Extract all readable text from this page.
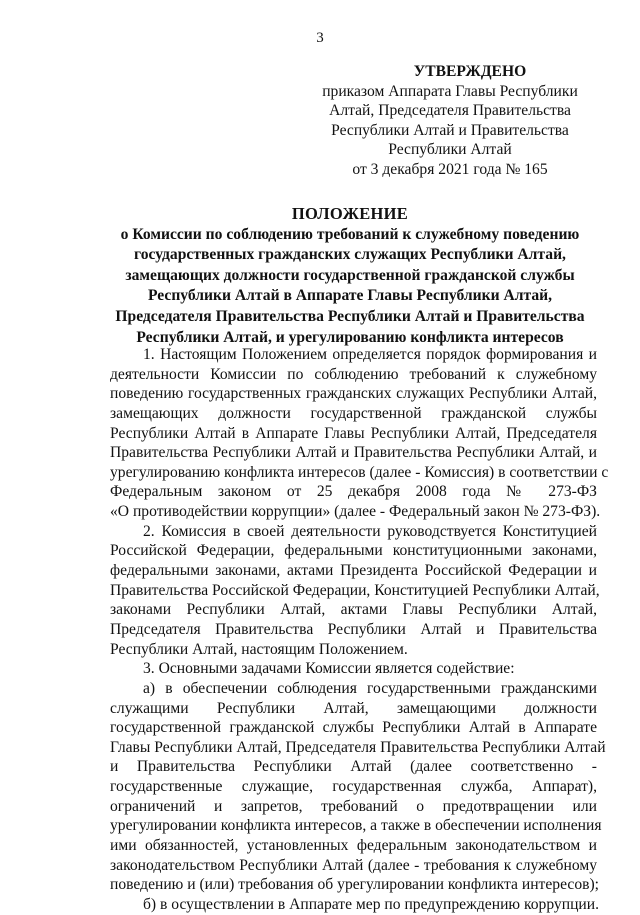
3
УТВЕРЖДЕНО
приказом Аппарата Главы Республики
Алтай, Председателя Правительства
Республики Алтай и Правительства
Республики Алтай
от 3 декабря 2021 года № 165
ПОЛОЖЕНИЕ
о Комиссии по соблюдению требований к служебному поведению
государственных гражданских служащих Республики Алтай,
замещающих должности государственной гражданской службы
Республики Алтай в Аппарате Главы Республики Алтай,
Председателя Правительства Республики Алтай и Правительства
Республики Алтай, и урегулированию конфликта интересов
1. Настоящим Положением определяется порядок формирования и
деятельности Комиссии по соблюдению требований к служебному
поведению государственных гражданских служащих Республики Алтай,
замещающих должности государственной гражданской службы
Республики Алтай в Аппарате Главы Республики Алтай, Председателя
Правительства Республики Алтай и Правительства Республики Алтай, и
урегулированию конфликта интересов (далее - Комиссия) в соответствии с
Федеральным законом от 25 декабря 2008 года № 273-ФЗ
«О противодействии коррупции» (далее - Федеральный закон № 273-ФЗ).
2. Комиссия в своей деятельности руководствуется Конституцией
Российской Федерации, федеральными конституционными законами,
федеральными законами, актами Президента Российской Федерации и
Правительства Российской Федерации, Конституцией Республики Алтай,
законами Республики Алтай, актами Главы Республики Алтай,
Председателя Правительства Республики Алтай и Правительства
Республики Алтай, настоящим Положением.
3. Основными задачами Комиссии является содействие:
а) в обеспечении соблюдения государственными гражданскими
служащими Республики Алтай, замещающими должности
государственной гражданской службы Республики Алтай в Аппарате
Главы Республики Алтай, Председателя Правительства Республики Алтай
и Правительства Республики Алтай (далее соответственно -
государственные служащие, государственная служба, Аппарат),
ограничений и запретов, требований о предотвращении или
урегулировании конфликта интересов, а также в обеспечении исполнения
ими обязанностей, установленных федеральным законодательством и
законодательством Республики Алтай (далее - требования к служебному
поведению и (или) требования об урегулировании конфликта интересов);
б) в осуществлении в Аппарате мер по предупреждению коррупции.
